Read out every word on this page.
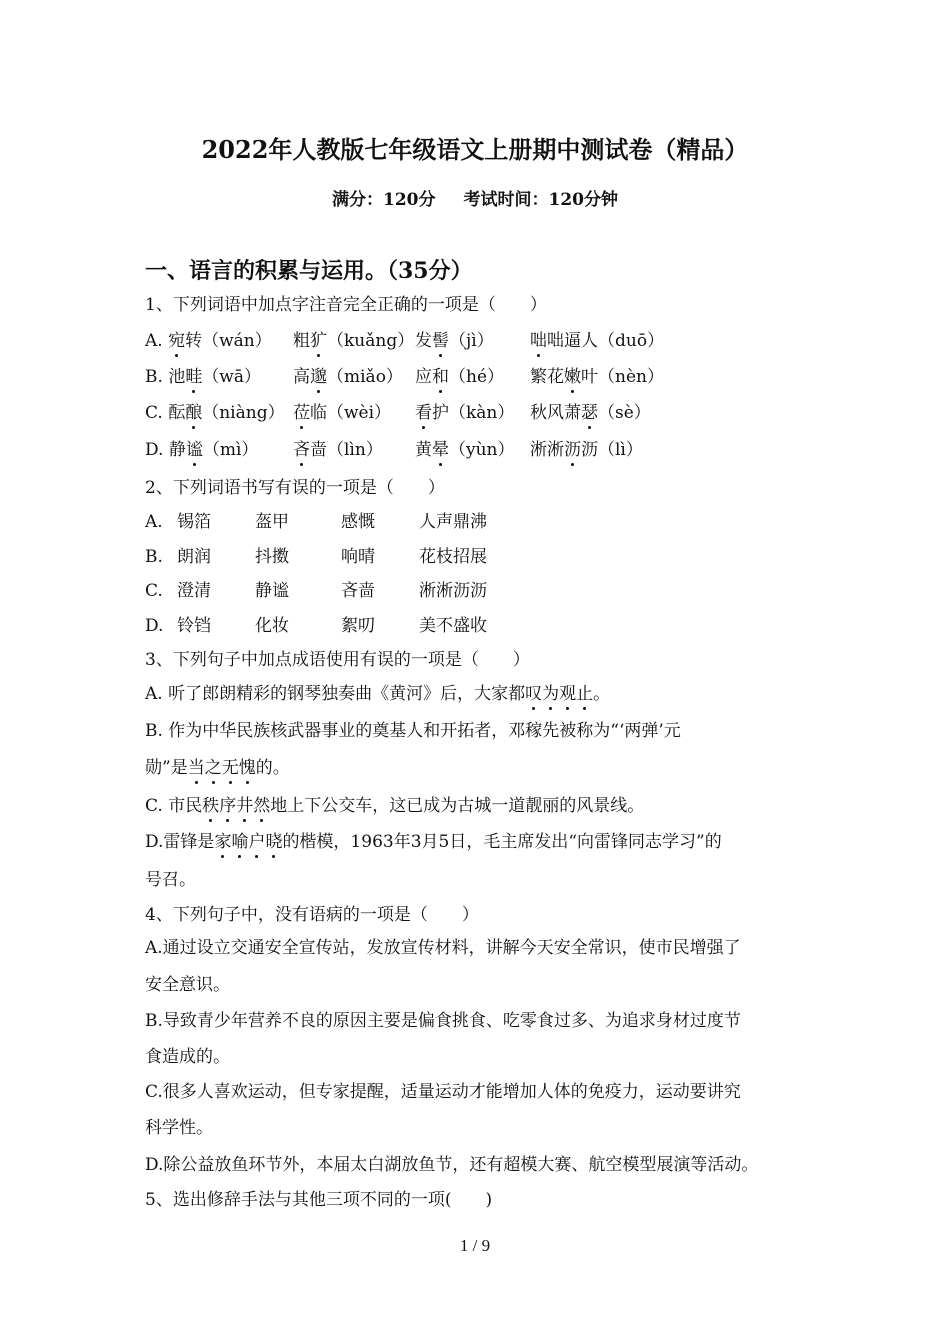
2022年人教版七年级语文上册期中测试卷（精品）
满分：120分 考试时间：120分钟
一、语言的积累与运用。（35分）
1、下列词语中加点字注音完全正确的一项是（　　）
A. 宛转（wán） 粗犷（kuǎng）发髻（jì） 咄咄逼人（duō）
B. 池畦（wā） 高邈（miǎo） 应和（hé） 繁花嫩叶（nèn）
C. 酝酿（niàng） 莅临（wèi） 看护（kàn） 秋风萧瑟（sè）
D. 静谧（mì） 吝啬（lìn） 黄晕（yùn） 淅淅沥沥（lì）
2、下列词语书写有误的一项是（　　）
A. 锡箔	盔甲	感慨	人声鼎沸
B. 朗润	抖擞	响晴	花枝招展
C. 澄清	静谧	吝啬	淅淅沥沥
D. 铃铛	化妆	絮叨	美不盛收
3、下列句子中加点成语使用有误的一项是（　　）
A. 听了郎朗精彩的钢琴独奏曲《黄河》后，大家都叹为观止。
B. 作为中华民族核武器事业的奠基人和开拓者，邓稼先被称为“‘两弹’元
勋”是当之无愧的。
C. 市民秩序井然地上下公交车，这已成为古城一道靓丽的风景线。
D.雷锋是家喻户晓的楷模，1963年3月5日，毛主席发出“向雷锋同志学习”的
号召。
4、下列句子中，没有语病的一项是（　　）
A.通过设立交通安全宣传站，发放宣传材料，讲解今天安全常识，使市民增强了
安全意识。
B.导致青少年营养不良的原因主要是偏食挑食、吃零食过多、为追求身材过度节
食造成的。
C.很多人喜欢运动，但专家提醒，适量运动才能增加人体的免疫力，运动要讲究
科学性。
D.除公益放鱼环节外，本届太白湖放鱼节，还有超模大赛、航空模型展演等活动。
5、选出修辞手法与其他三项不同的一项(　　)
1 / 9
